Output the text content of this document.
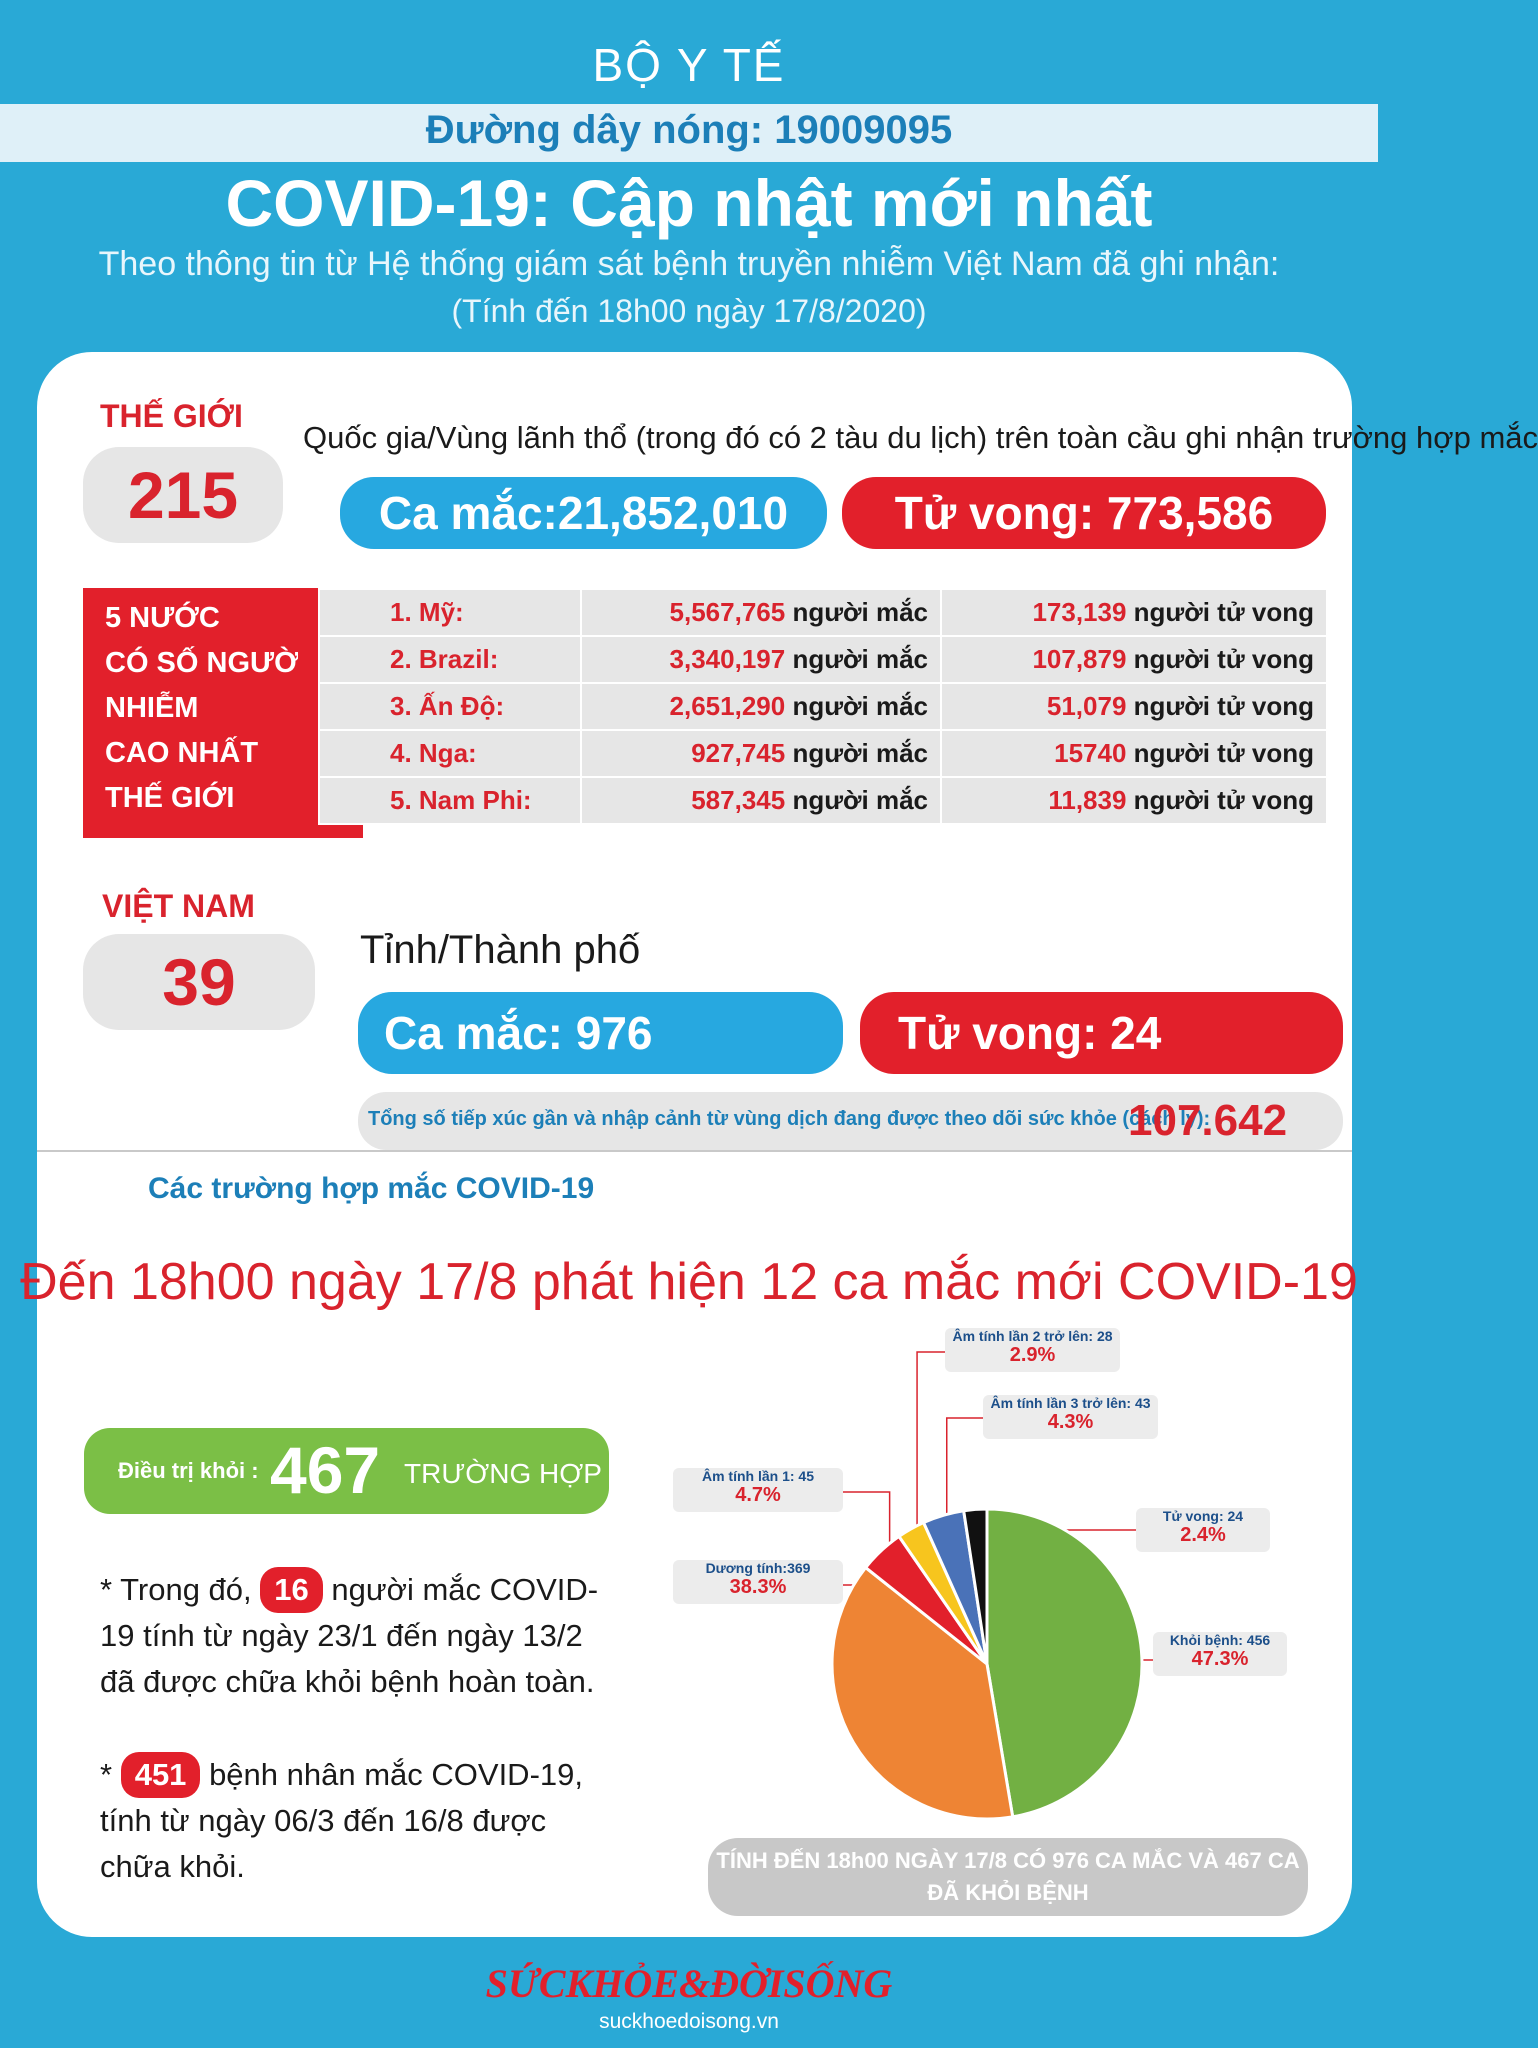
BỘ Y TẾ
Đường dây nóng: 19009095
COVID-19: Cập nhật mới nhất
Theo thông tin từ Hệ thống giám sát bệnh truyền nhiễm Việt Nam đã ghi nhận:
(Tính đến 18h00 ngày 17/8/2020)
THẾ GIỚI
215
Quốc gia/Vùng lãnh thổ (trong đó có 2 tàu du lịch) trên toàn cầu ghi nhận trường hợp mắc
Ca mắc:21,852,010	Tử vong: 773,586
5 NƯỚC
CÓ SỐ NGƯỜI
NHIỄM
CAO NHẤT
THẾ GIỚI
1. Mỹ:	5,567,765 người mắc	173,139 người tử vong
2. Brazil:	3,340,197 người mắc	107,879 người tử vong
3. Ấn Độ:	2,651,290 người mắc	51,079 người tử vong
4. Nga:	927,745 người mắc	15740 người tử vong
5. Nam Phi:	587,345 người mắc	11,839 người tử vong
VIỆT NAM
39	Tỉnh/Thành phố
Ca mắc: 976	Tử vong: 24
Tổng số tiếp xúc gần và nhập cảnh từ vùng dịch đang được theo dõi sức khỏe (cách ly):
107.642
Các trường hợp mắc COVID-19
Đến 18h00 ngày 17/8 phát hiện 12 ca mắc mới COVID-19
Điều trị khỏi : 467 TRƯỜNG HỢP
* Trong đó, 16 người mắc COVID-19 tính từ ngày 23/1 đến ngày 13/2 đã được chữa khỏi bệnh hoàn toàn.
* 451 bệnh nhân mắc COVID-19, tính từ ngày 06/3 đến 16/8 được chữa khỏi.
Âm tính lần 2 trở lên: 28
2.9%
Âm tính lần 3 trở lên: 43
4.3%
Âm tính lần 1: 45
4.7%
Tử vong: 24
2.4%
Dương tính:369
38.3%
Khỏi bệnh: 456
47.3%
TÍNH ĐẾN 18h00 NGÀY 17/8 CÓ 976 CA MẮC VÀ 467 CA ĐÃ KHỎI BỆNH
SỨCKHỎE&ĐỜISỐNG
suckhoedoisong.vn
